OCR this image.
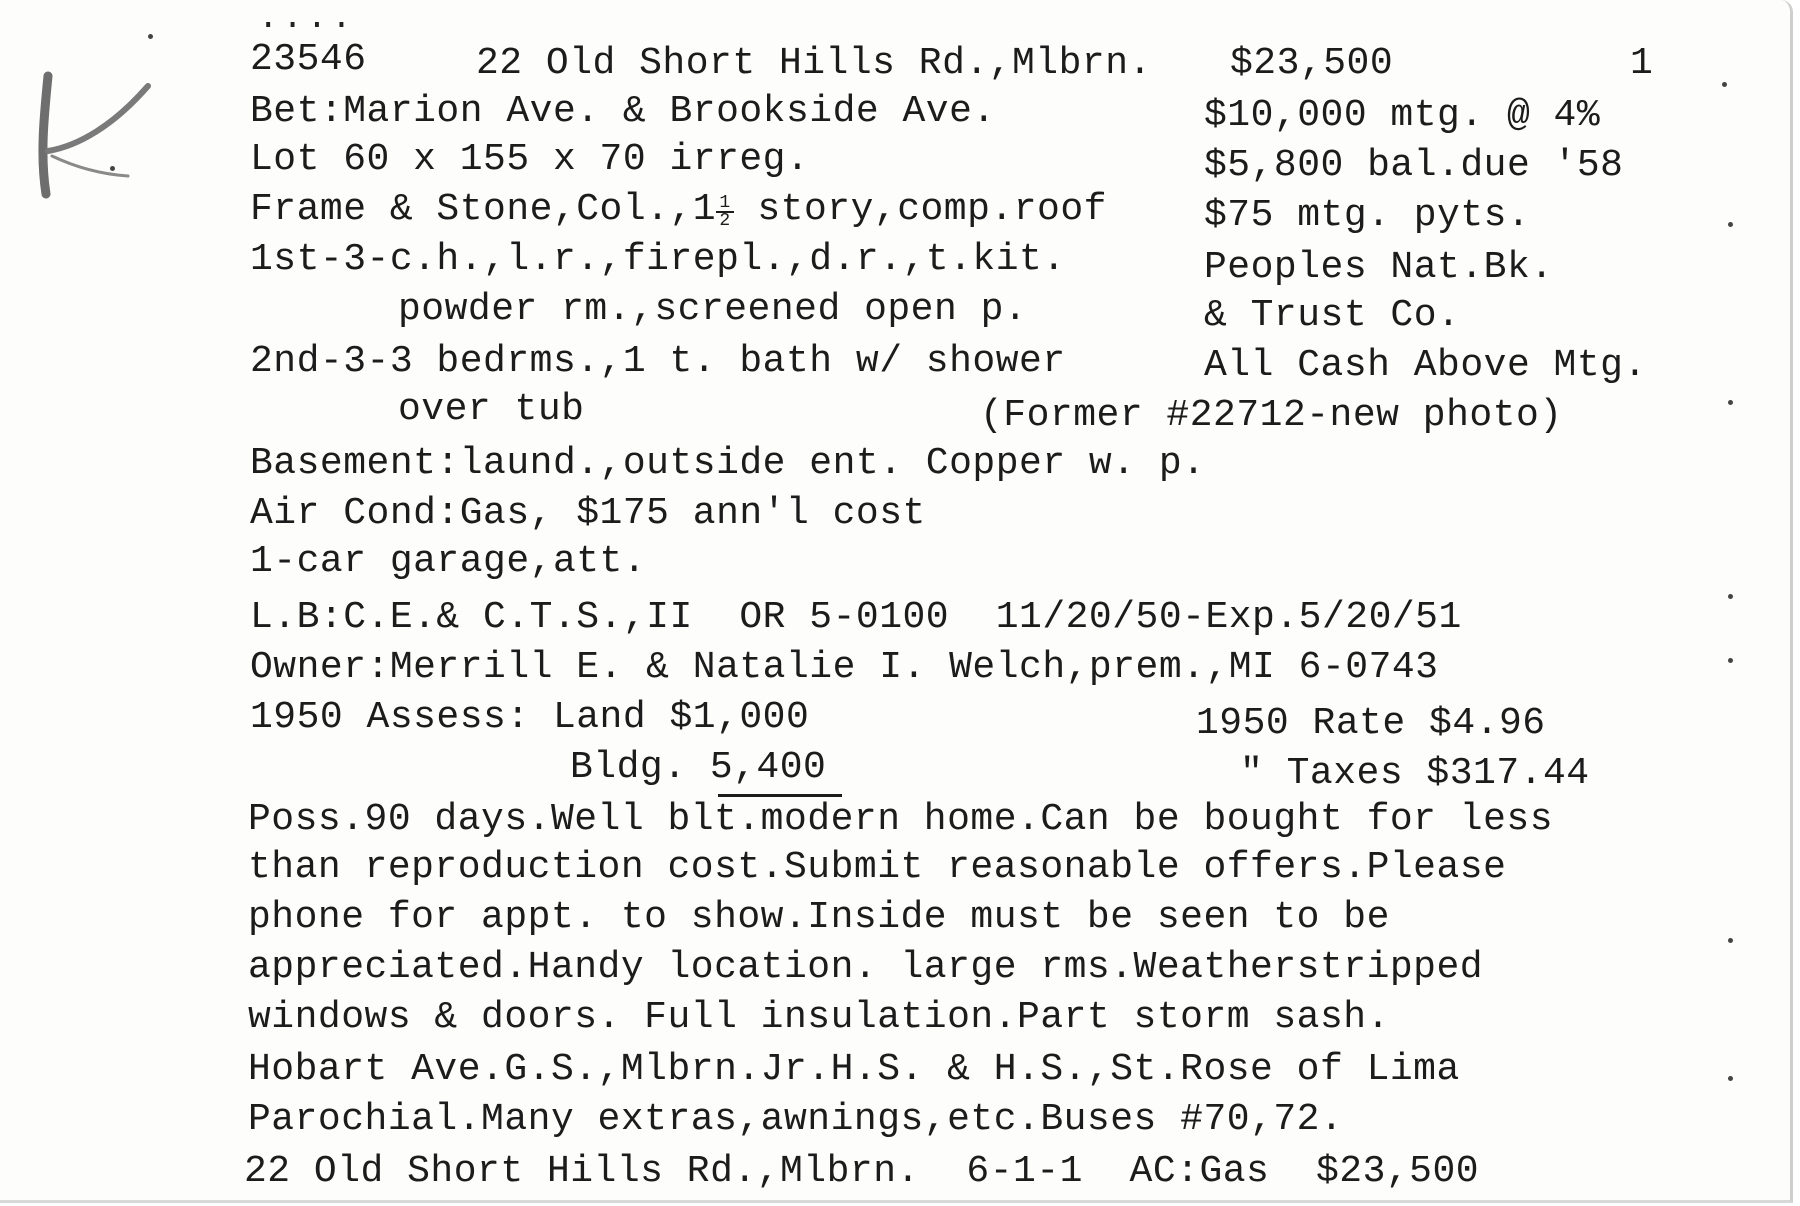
....
23546	22 Old Short Hills Rd.,Mlbrn. $23,500	1
Bet:Marion Ave. & Brookside Ave.	$10,000 mtg. @ 4%
Lot 60 x 155 x 70 irreg.	$5,800 bal.due '58
Frame & Stone,Col.,1 $\frac{1}{2}$ story,comp.roof	$75 mtg. pyts.
1st-3-c.h.,l.r.,firepl.,d.r.,t.kit.	Peoples Nat.Bk.
powder rm.,screened open p.	& Trust Co.
2nd-3-3 bedrms.,1 t. bath w/ shower	All Cash Above Mtg.
over tub	(Former #22712-new photo)
Basement:laund.,outside ent. Copper w. p.
Air Cond:Gas, $175 ann'l cost
1-car garage,att.
L.B:C.E.& C.T.S.,II  OR 5-0100  11/20/50-Exp.5/20/51
Owner:Merrill E. & Natalie I. Welch,prem.,MI 6-0743
1950 Assess: Land $1,000	1950 Rate $4.96
Bldg. 5,400	" Taxes $317.44
Poss.90 days.Well blt.modern home.Can be bought for less
than reproduction cost.Submit reasonable offers.Please
phone for appt. to show.Inside must be seen to be
appreciated.Handy location. large rms.Weatherstripped
windows & doors. Full insulation.Part storm sash.
Hobart Ave.G.S.,Mlbrn.Jr.H.S. & H.S.,St.Rose of Lima
Parochial.Many extras,awnings,etc.Buses #70,72.
22 Old Short Hills Rd.,Mlbrn.  6-1-1  AC:Gas  $23,500
